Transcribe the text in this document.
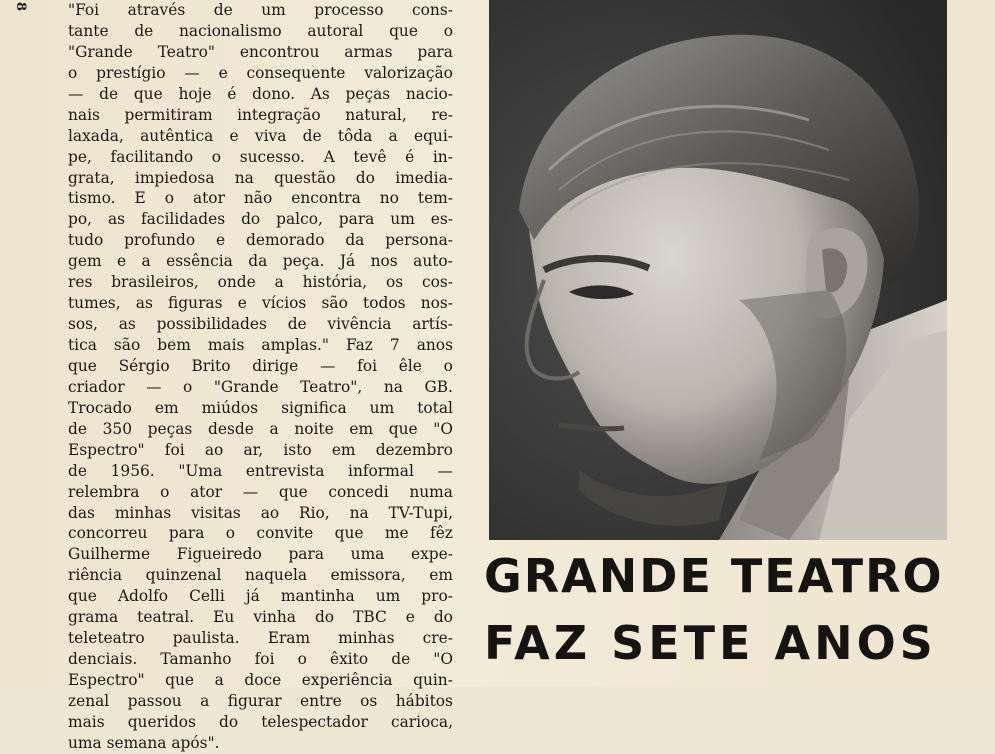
8	"Foi através de um processo cons-
tante de nacionalismo autoral que o
"Grande Teatro" encontrou armas para
o prestígio — e consequente valorização
— de que hoje é dono. As peças nacio-
nais permitiram integração natural, re-
laxada, autêntica e viva de tôda a equi-
pe, facilitando o sucesso. A tevê é in-
grata, impiedosa na questão do imedia-
tismo. E o ator não encontra no tem-
po, as facilidades do palco, para um es-
tudo profundo e demorado da persona-
gem e a essência da peça. Já nos auto-
res brasileiros, onde a história, os cos-
tumes, as figuras e vícios são todos nos-
sos, as possibilidades de vivência artís-
tica são bem mais amplas." Faz 7 anos
que Sérgio Brito dirige — foi êle o
criador — o "Grande Teatro", na GB.
Trocado em miúdos significa um total
de 350 peças desde a noite em que "O
Espectro" foi ao ar, isto em dezembro
de 1956. "Uma entrevista informal —
relembra o ator — que concedi numa
das minhas visitas ao Rio, na TV-Tupi,
concorreu para o convite que me fêz
Guilherme Figueiredo para uma expe-
riência quinzenal naquela emissora, em
que Adolfo Celli já mantinha um pro-
grama teatral. Eu vinha do TBC e do
teleteatro paulista. Eram minhas cre-
denciais. Tamanho foi o êxito de "O
Espectro" que a doce experiência quin-
zenal passou a figurar entre os hábitos
mais queridos do telespectador carioca,
uma semana após".
GRANDE TEATRO
FAZ SETE ANOS
